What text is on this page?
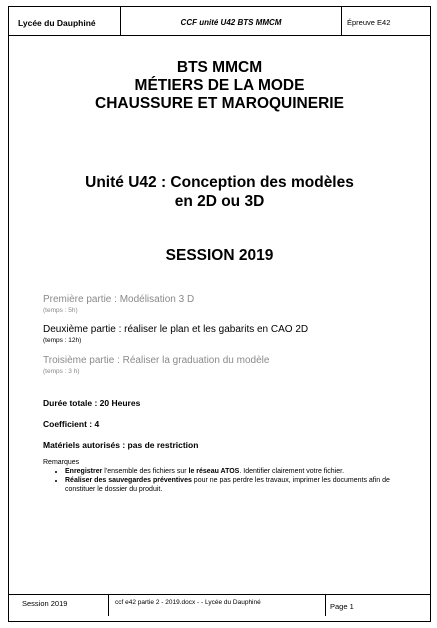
Lycée du Dauphiné	CCF unité U42 BTS MMCM	Épreuve E42
BTS MMCM
MÉTIERS DE LA MODE
CHAUSSURE ET MAROQUINERIE
Unité U42 : Conception des modèles
en 2D ou 3D
SESSION 2019
Première partie : Modélisation 3 D
(temps : 5h)
Deuxième partie : réaliser le plan et les gabarits en CAO 2D
(temps : 12h)
Troisième partie : Réaliser la graduation du modèle
(temps : 3 h)
Durée totale : 20 Heures
Coefficient : 4
Matériels autorisés : pas de restriction
Remarques
• Enregistrer l'ensemble des fichiers sur le réseau ATOS. Identifier clairement votre fichier.
• Réaliser des sauvegardes préventives pour ne pas perdre les travaux, imprimer les documents afin de constituer le dossier du produit.
Session 2019	ccf e42 partie 2 - 2019.docx - - Lycée du Dauphiné	Page 1
